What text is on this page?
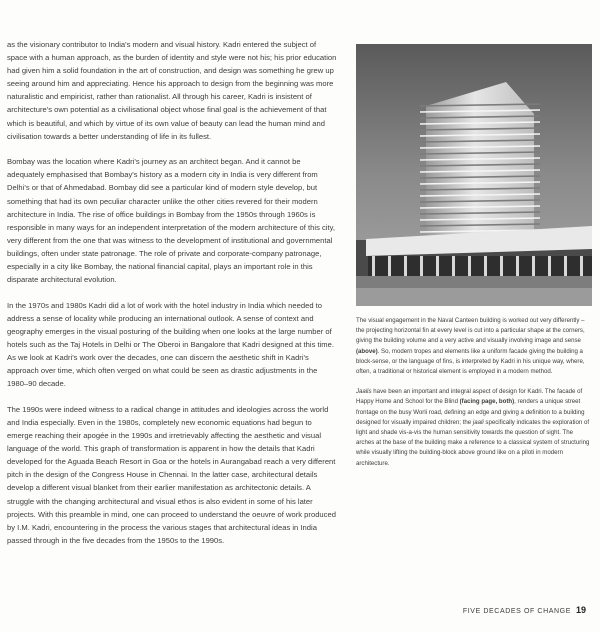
as the visionary contributor to India's modern and visual history. Kadri entered the subject of space with a human approach, as the burden of identity and style were not his; his prior education had given him a solid foundation in the art of construction, and design was something he grew up seeing around him and appreciating. Hence his approach to design from the beginning was more naturalistic and empiricist, rather than rationalist. All through his career, Kadri is insistent of architecture's own potential as a civilisational object whose final goal is the achievement of that which is beautiful, and which by virtue of its own value of beauty can lead the human mind and civilisation towards a better understanding of life in its fullest.

Bombay was the location where Kadri's journey as an architect began. And it cannot be adequately emphasised that Bombay's history as a modern city in India is very different from Delhi's or that of Ahmedabad. Bombay did see a particular kind of modern style develop, but something that had its own peculiar character unlike the other cities revered for their modern architecture in India. The rise of office buildings in Bombay from the 1950s through 1960s is responsible in many ways for an independent interpretation of the modern architecture of this city, very different from the one that was witness to the development of institutional and governmental buildings, often under state patronage. The role of private and corporate-company patronage, especially in a city like Bombay, the national financial capital, plays an important role in this disparate architectural evolution.

In the 1970s and 1980s Kadri did a lot of work with the hotel industry in India which needed to address a sense of locality while producing an international outlook. A sense of context and geography emerges in the visual posturing of the building when one looks at the large number of hotels such as the Taj Hotels in Delhi or The Oberoi in Bangalore that Kadri designed at this time. As we look at Kadri's work over the decades, one can discern the aesthetic shift in Kadri's approach over time, which often verged on what could be seen as drastic adjustments in the 1980–90 decade.

The 1990s were indeed witness to a radical change in attitudes and ideologies across the world and India especially. Even in the 1980s, completely new economic equations had begun to emerge reaching their apogée in the 1990s and irretrievably affecting the aesthetic and visual language of the world. This graph of transformation is apparent in how the details that Kadri developed for the Aguada Beach Resort in Goa or the hotels in Aurangabad reach a very different pitch in the design of the Congress House in Chennai. In the latter case, architectural details develop a different visual blanket from their earlier manifestation as architectonic details. A struggle with the changing architectural and visual ethos is also evident in some of his later projects. With this preamble in mind, one can proceed to understand the oeuvre of work produced by I.M. Kadri, encountering in the process the various stages that architectural ideas in India passed through in the five decades from the 1950s to the 1990s.

The visual engagement in the Naval Canteen building is worked out very differently – the projecting horizontal fin at every level is cut into a particular shape at the corners, giving the building volume and a very active and visually involving image and sense (above). So, modern tropes and elements like a uniform facade giving the building a block-sense, or the language of fins, is interpreted by Kadri in his unique way, where, often, a traditional or historical element is employed in a modern method.

Jaalis have been an important and integral aspect of design for Kadri. The facade of Happy Home and School for the Blind (facing page, both), renders a unique street frontage on the busy Worli road, defining an edge and giving a definition to a building designed for visually impaired children; the jaali specifically indicates the exploration of light and shade vis-a-vis the human sensitivity towards the question of sight. The arches at the base of the building make a reference to a classical system of structuring while visually lifting the building-block above ground like on a piloti in modern architecture.

FIVE DECADES OF CHANGE 19
